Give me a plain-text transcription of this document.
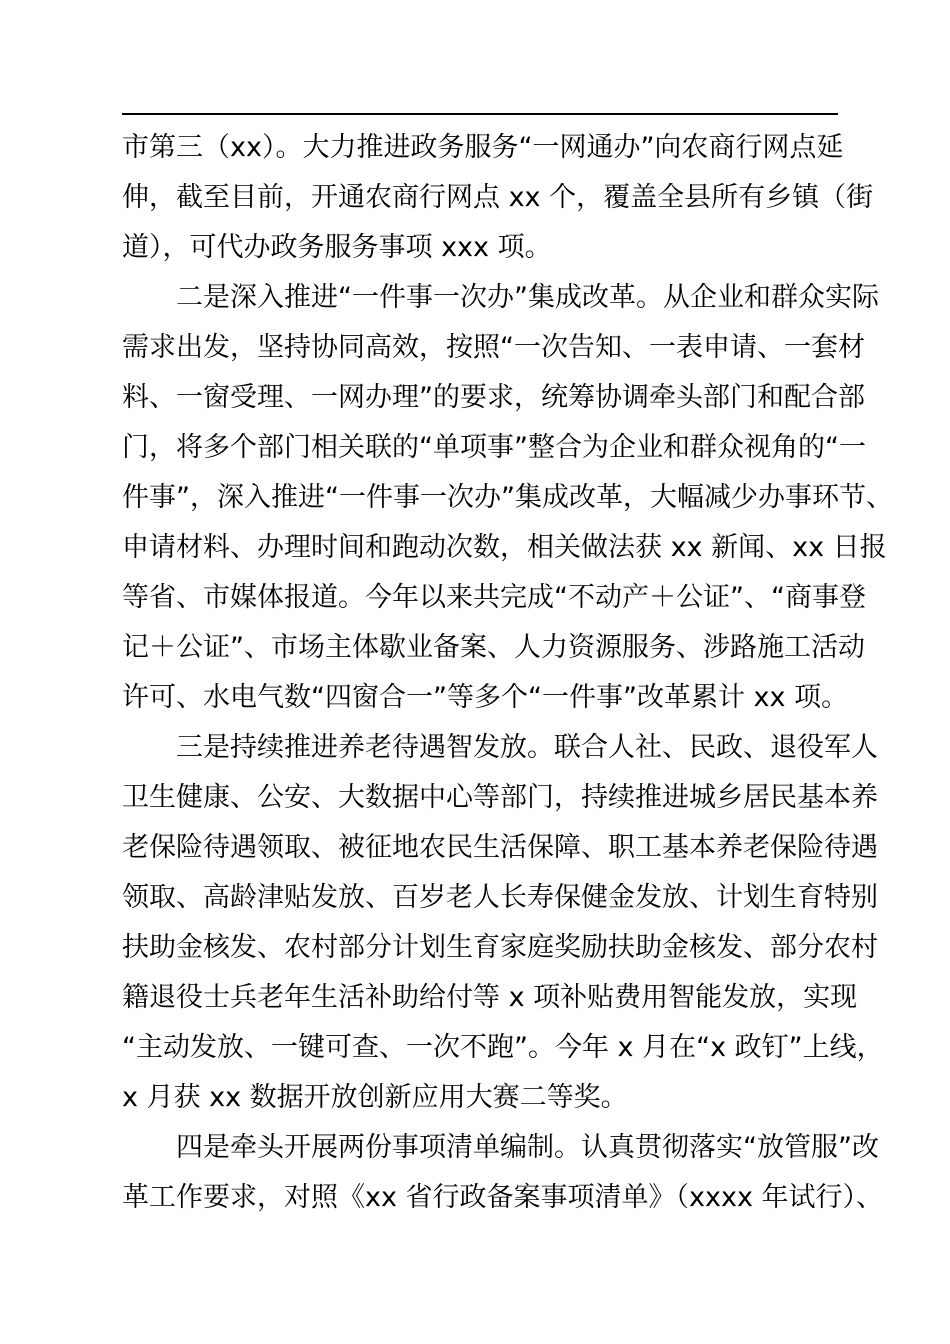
市第三（xx）。大力推进政务服务“一网通办”向农商行网点延
伸，截至目前，开通农商行网点 xx 个，覆盖全县所有乡镇（街
道），可代办政务服务事项 xxx 项。
二是深入推进“一件事一次办”集成改革。从企业和群众实际
需求出发，坚持协同高效，按照“一次告知、一表申请、一套材
料、一窗受理、一网办理”的要求，统筹协调牵头部门和配合部
门，将多个部门相关联的“单项事”整合为企业和群众视角的“一
件事”，深入推进“一件事一次办”集成改革，大幅减少办事环节、
申请材料、办理时间和跑动次数，相关做法获 xx 新闻、xx 日报
等省、市媒体报道。今年以来共完成“不动产＋公证”、“商事登
记＋公证”、市场主体歇业备案、人力资源服务、涉路施工活动
许可、水电气数“四窗合一”等多个“一件事”改革累计 xx 项。
三是持续推进养老待遇智发放。联合人社、民政、退役军人
卫生健康、公安、大数据中心等部门，持续推进城乡居民基本养
老保险待遇领取、被征地农民生活保障、职工基本养老保险待遇
领取、高龄津贴发放、百岁老人长寿保健金发放、计划生育特别
扶助金核发、农村部分计划生育家庭奖励扶助金核发、部分农村
籍退役士兵老年生活补助给付等 x 项补贴费用智能发放，实现
“主动发放、一键可查、一次不跑”。今年 x 月在“x 政钉”上线，
x 月获 xx 数据开放创新应用大赛二等奖。
四是牵头开展两份事项清单编制。认真贯彻落实“放管服”改
革工作要求，对照《xx 省行政备案事项清单》（xxxx 年试行）、
